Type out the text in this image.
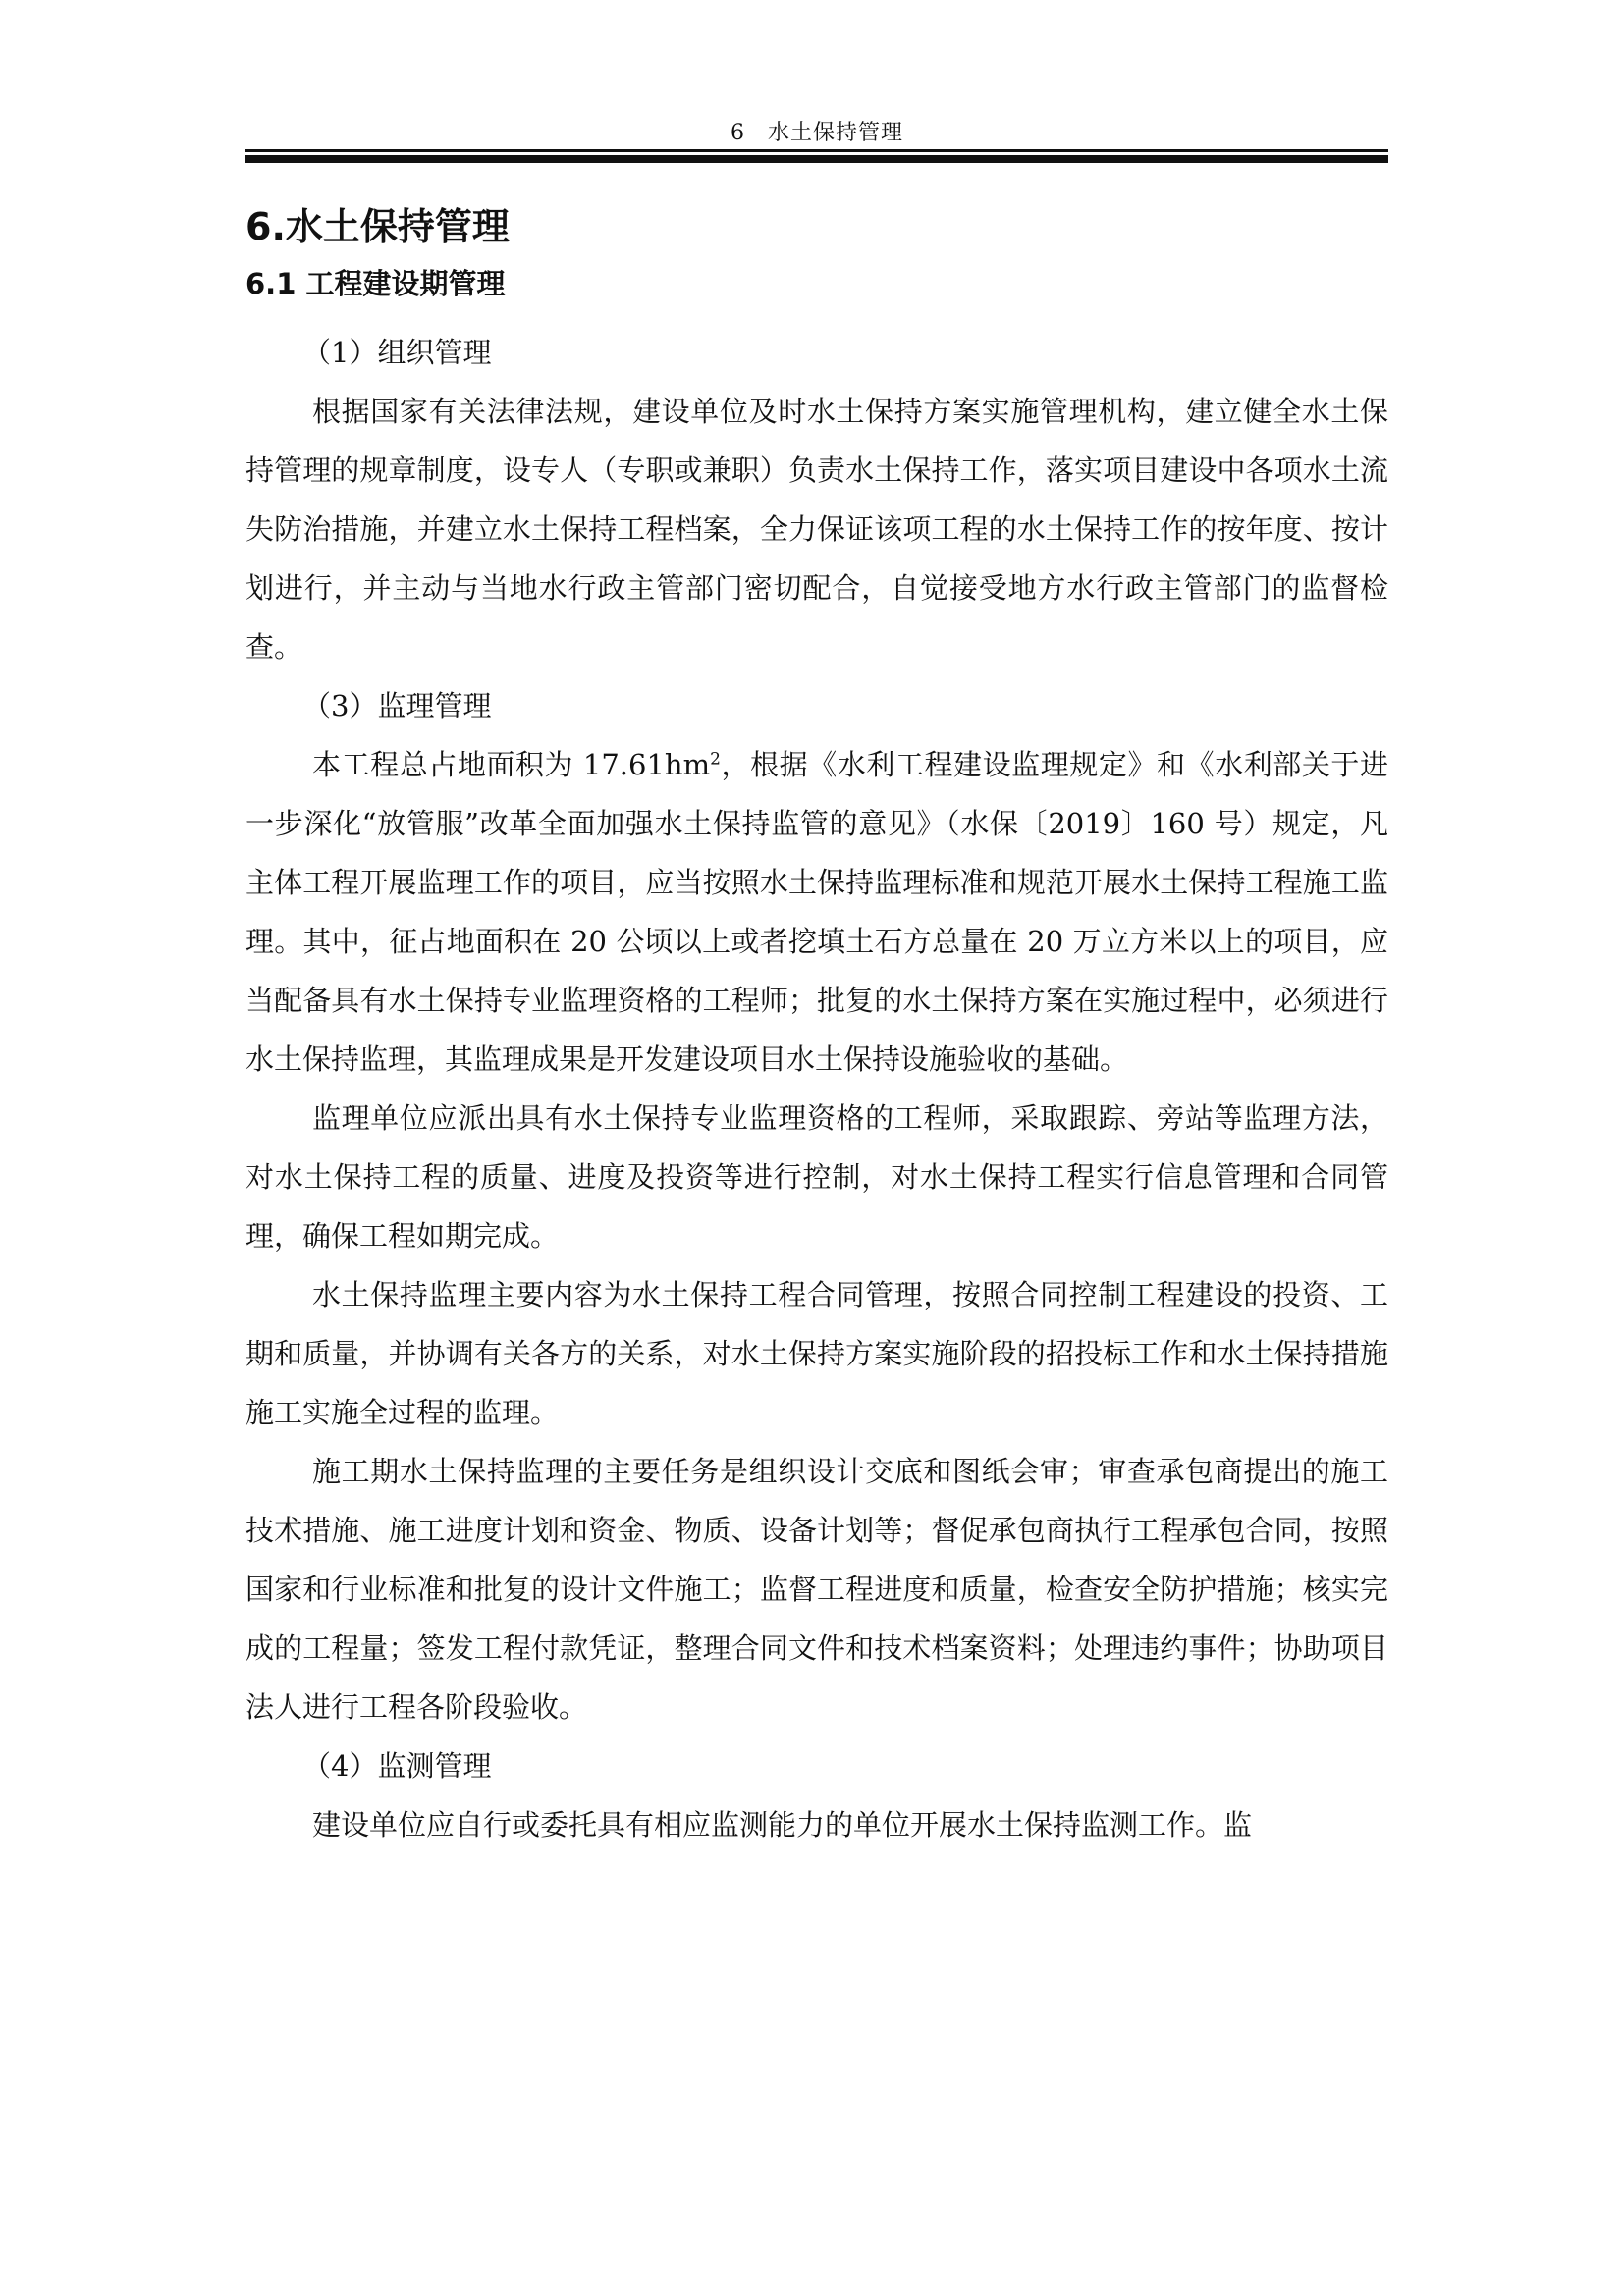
6　水土保持管理
6.水土保持管理
6.1 工程建设期管理

（1）组织管理

根据国家有关法律法规，建设单位及时水土保持方案实施管理机构，建立健全水土保持管理的规章制度，设专人（专职或兼职）负责水土保持工作，落实项目建设中各项水土流失防治措施，并建立水土保持工程档案，全力保证该项工程的水土保持工作的按年度、按计划进行，并主动与当地水行政主管部门密切配合，自觉接受地方水行政主管部门的监督检查。

（3）监理管理

本工程总占地面积为 $17.61hm^2$，根据《水利工程建设监理规定》和《水利部关于进一步深化“放管服”改革全面加强水土保持监管的意见》（水保〔2019〕160 号）规定，凡主体工程开展监理工作的项目，应当按照水土保持监理标准和规范开展水土保持工程施工监理。其中，征占地面积在 20 公顷以上或者挖填土石方总量在 20 万立方米以上的项目，应当配备具有水土保持专业监理资格的工程师；批复的水土保持方案在实施过程中，必须进行水土保持监理，其监理成果是开发建设项目水土保持设施验收的基础。

监理单位应派出具有水土保持专业监理资格的工程师，采取跟踪、旁站等监理方法，对水土保持工程的质量、进度及投资等进行控制，对水土保持工程实行信息管理和合同管理，确保工程如期完成。

水土保持监理主要内容为水土保持工程合同管理，按照合同控制工程建设的投资、工期和质量，并协调有关各方的关系，对水土保持方案实施阶段的招投标工作和水土保持措施施工实施全过程的监理。

施工期水土保持监理的主要任务是组织设计交底和图纸会审；审查承包商提出的施工技术措施、施工进度计划和资金、物质、设备计划等；督促承包商执行工程承包合同，按照国家和行业标准和批复的设计文件施工；监督工程进度和质量，检查安全防护措施；核实完成的工程量；签发工程付款凭证，整理合同文件和技术档案资料；处理违约事件；协助项目法人进行工程各阶段验收。

（4）监测管理

建设单位应自行或委托具有相应监测能力的单位开展水土保持监测工作。监
